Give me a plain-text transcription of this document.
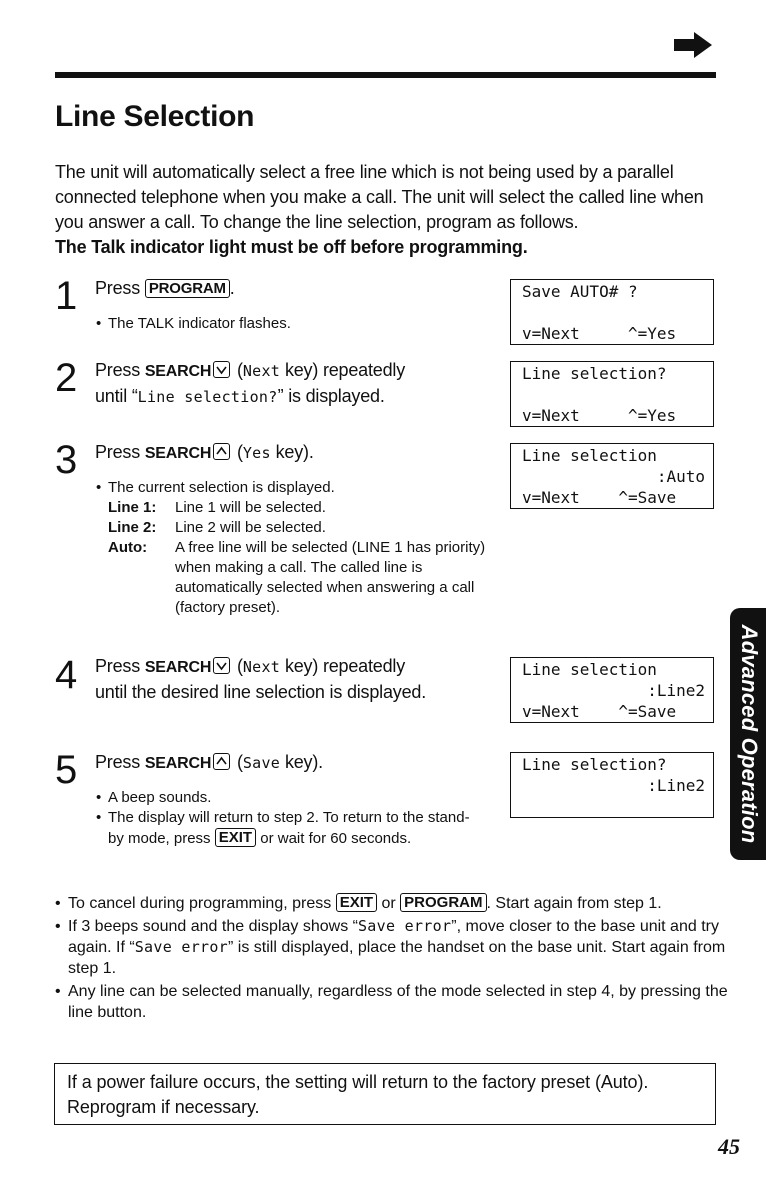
Line Selection
The unit will automatically select a free line which is not being used by a parallel connected telephone when you make a call. The unit will select the called line when you answer a call. To change the line selection, program as follows.
The Talk indicator light must be off before programming.
1 Press PROGRAM .
• The TALK indicator flashes.
Save AUTO# ?
v=Next     ^=Yes
2 Press SEARCH
(Next key) repeatedly
until “Line selection?” is displayed.
Line selection?
v=Next     ^=Yes
3 Press SEARCH
(Yes key).
• The current selection is displayed.
Line 1:	Line 1 will be selected.
Line 2:	Line 2 will be selected.
Auto:	A free line will be selected (LINE 1 has priority) when making a call. The called line is automatically selected when answering a call (factory preset).
Line selection
:Auto
v=Next    ^=Save
4 Press SEARCH
(Next key) repeatedly
until the desired line selection is displayed.
Line selection
:Line2
v=Next    ^=Save
5 Press SEARCH
(Save key).
• A beep sounds.
• The display will return to step 2. To return to the stand-by mode, press EXIT or wait for 60 seconds.
Line selection?
:Line2 Advanced Operation
• To cancel during programming, press EXIT or PROGRAM . Start again from step 1.
• If 3 beeps sound and the display shows “Save error”, move closer to the base unit and try again. If “Save error” is still displayed, place the handset on the base unit. Start again from step 1.
• Any line can be selected manually, regardless of the mode selected in step 4, by pressing the line button.
If a power failure occurs, the setting will return to the factory preset (Auto). Reprogram if necessary.
45
